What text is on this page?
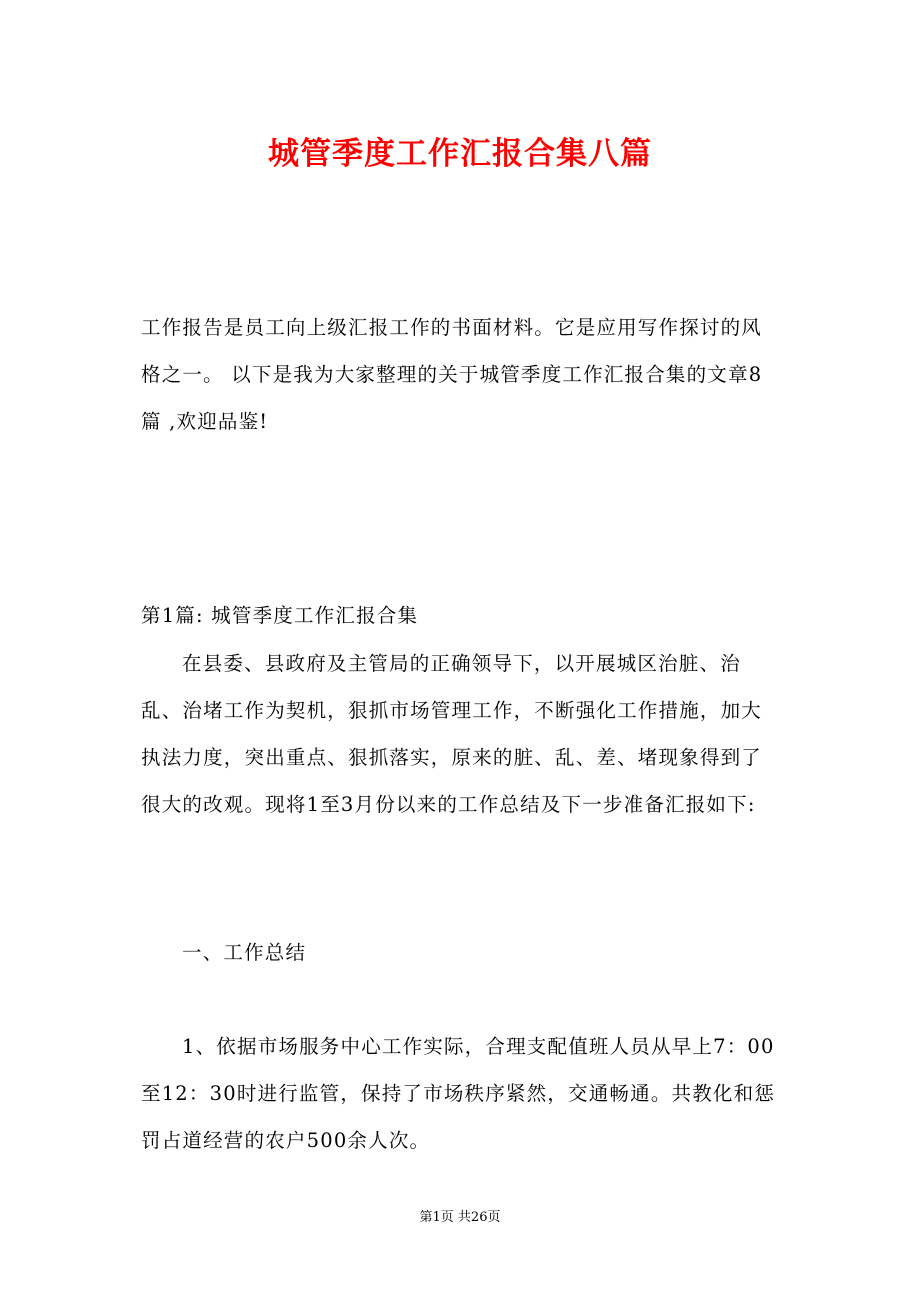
城管季度工作汇报合集八篇

工作报告是员工向上级汇报工作的书面材料。它是应用写作探讨的风格之一。 以下是我为大家整理的关于城管季度工作汇报合集的文章8篇 ,欢迎品鉴!

第1篇: 城管季度工作汇报合集

在县委、县政府及主管局的正确领导下，以开展城区治脏、治乱、治堵工作为契机，狠抓市场管理工作，不断强化工作措施，加大执法力度，突出重点、狠抓落实，原来的脏、乱、差、堵现象得到了很大的改观。现将1至3月份以来的工作总结及下一步准备汇报如下:

一、工作总结

1、依据市场服务中心工作实际，合理支配值班人员从早上7：00至12：30时进行监管，保持了市场秩序紧然，交通畅通。共教化和惩罚占道经营的农户500余人次。

第1页 共26页
